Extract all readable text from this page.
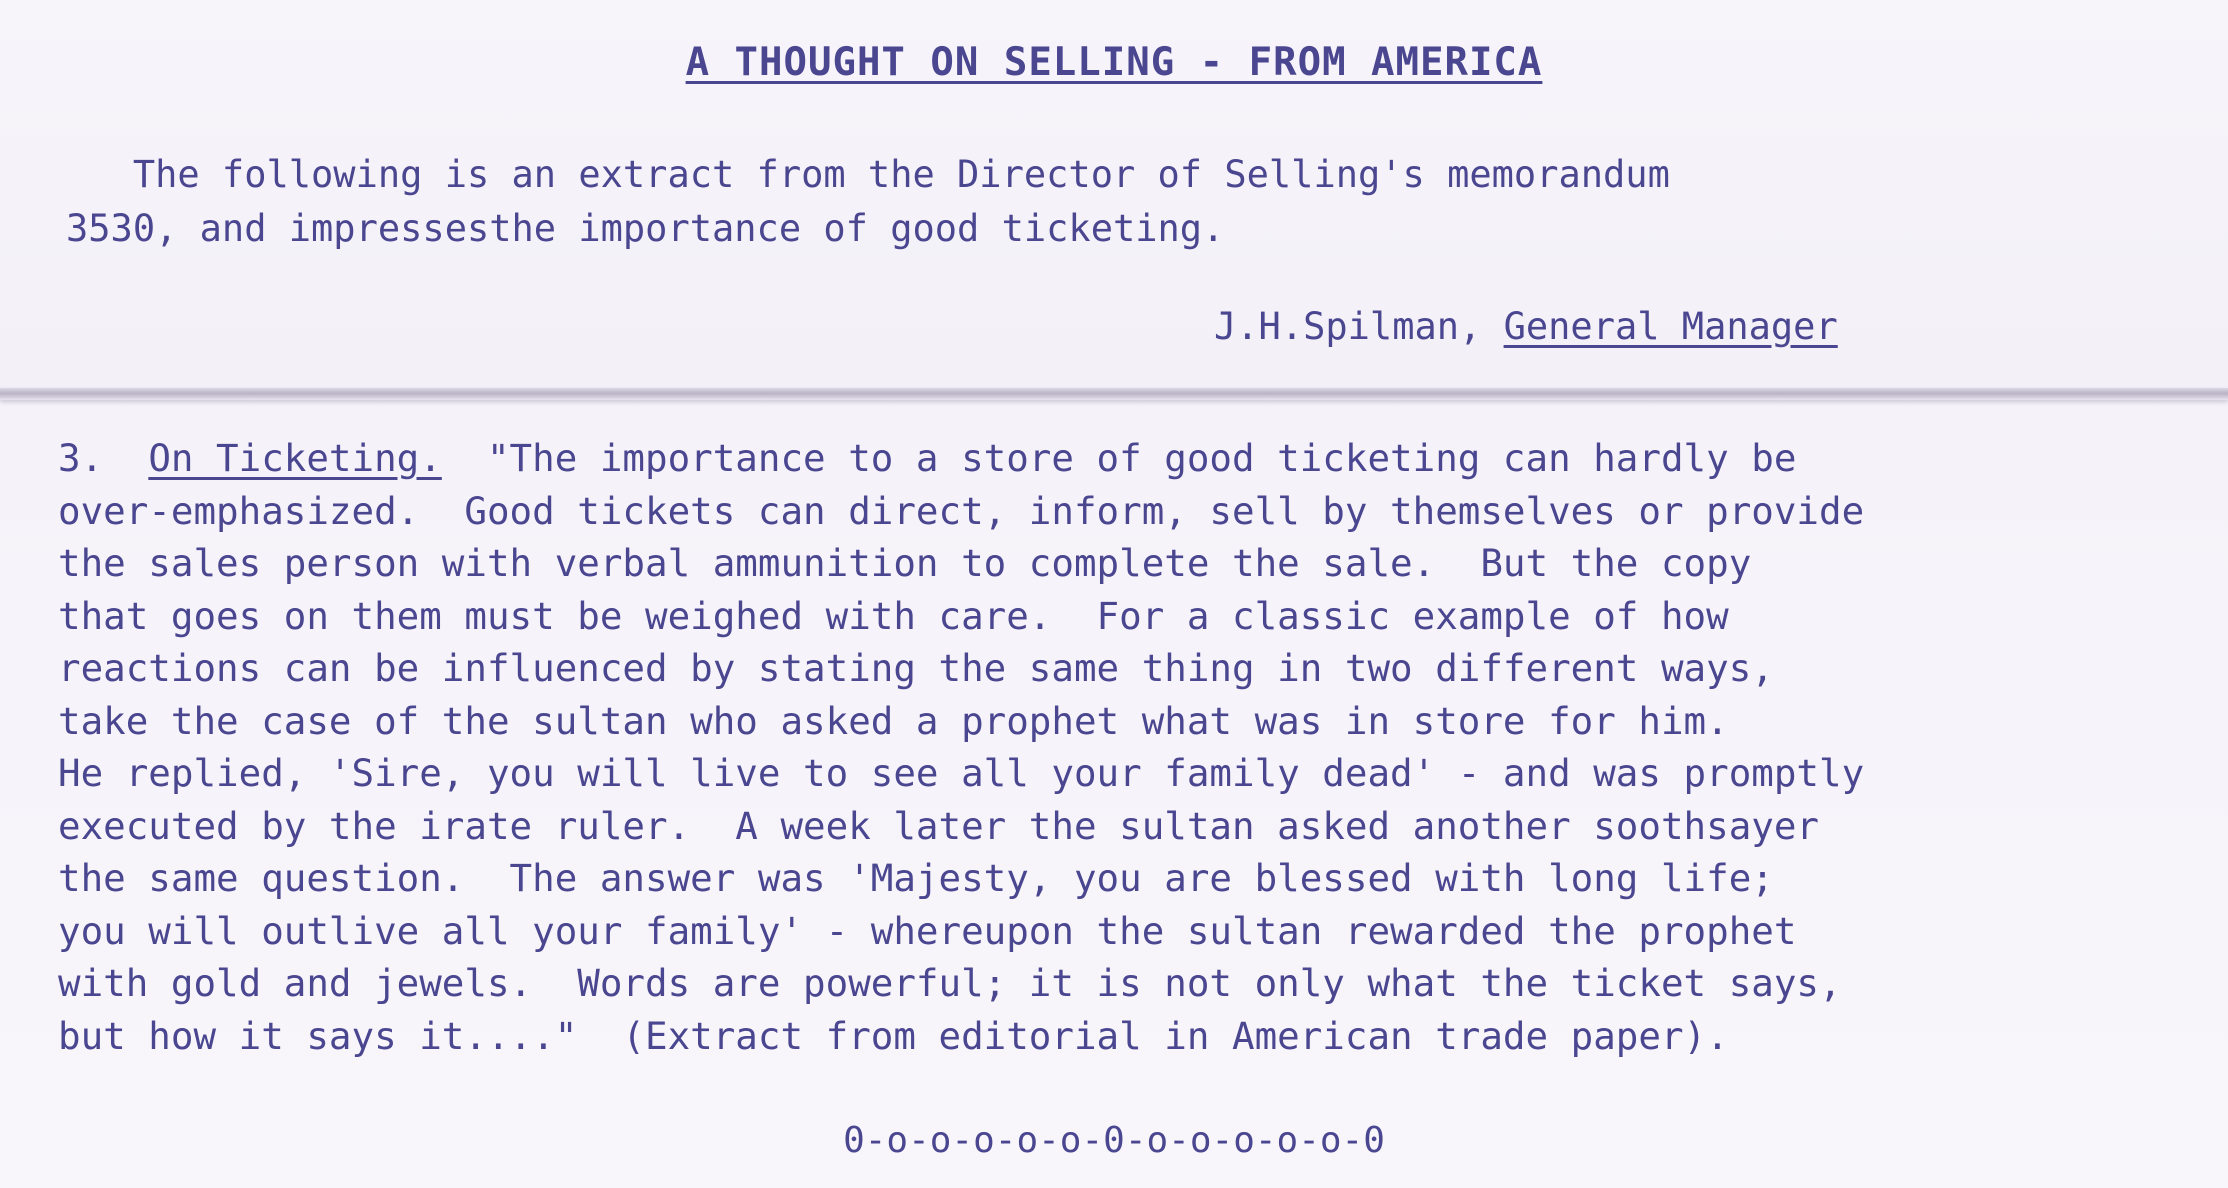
A THOUGHT ON SELLING - FROM AMERICA

The following is an extract from the Director of Selling's memorandum
3530, and impressesthe importance of good ticketing.

J.H.Spilman, General Manager

3. On Ticketing.  "The importance to a store of good ticketing can hardly be
over-emphasized.  Good tickets can direct, inform, sell by themselves or provide
the sales person with verbal ammunition to complete the sale.  But the copy
that goes on them must be weighed with care.  For a classic example of how
reactions can be influenced by stating the same thing in two different ways,
take the case of the sultan who asked a prophet what was in store for him.
He replied, 'Sire, you will live to see all your family dead' - and was promptly
executed by the irate ruler.  A week later the sultan asked another soothsayer
the same question.  The answer was 'Majesty, you are blessed with long life;
you will outlive all your family' - whereupon the sultan rewarded the prophet
with gold and jewels.  Words are powerful; it is not only what the ticket says,
but how it says it...."  (Extract from editorial in American trade paper).

0-o-o-o-o-o-0-o-o-o-o-o-0
